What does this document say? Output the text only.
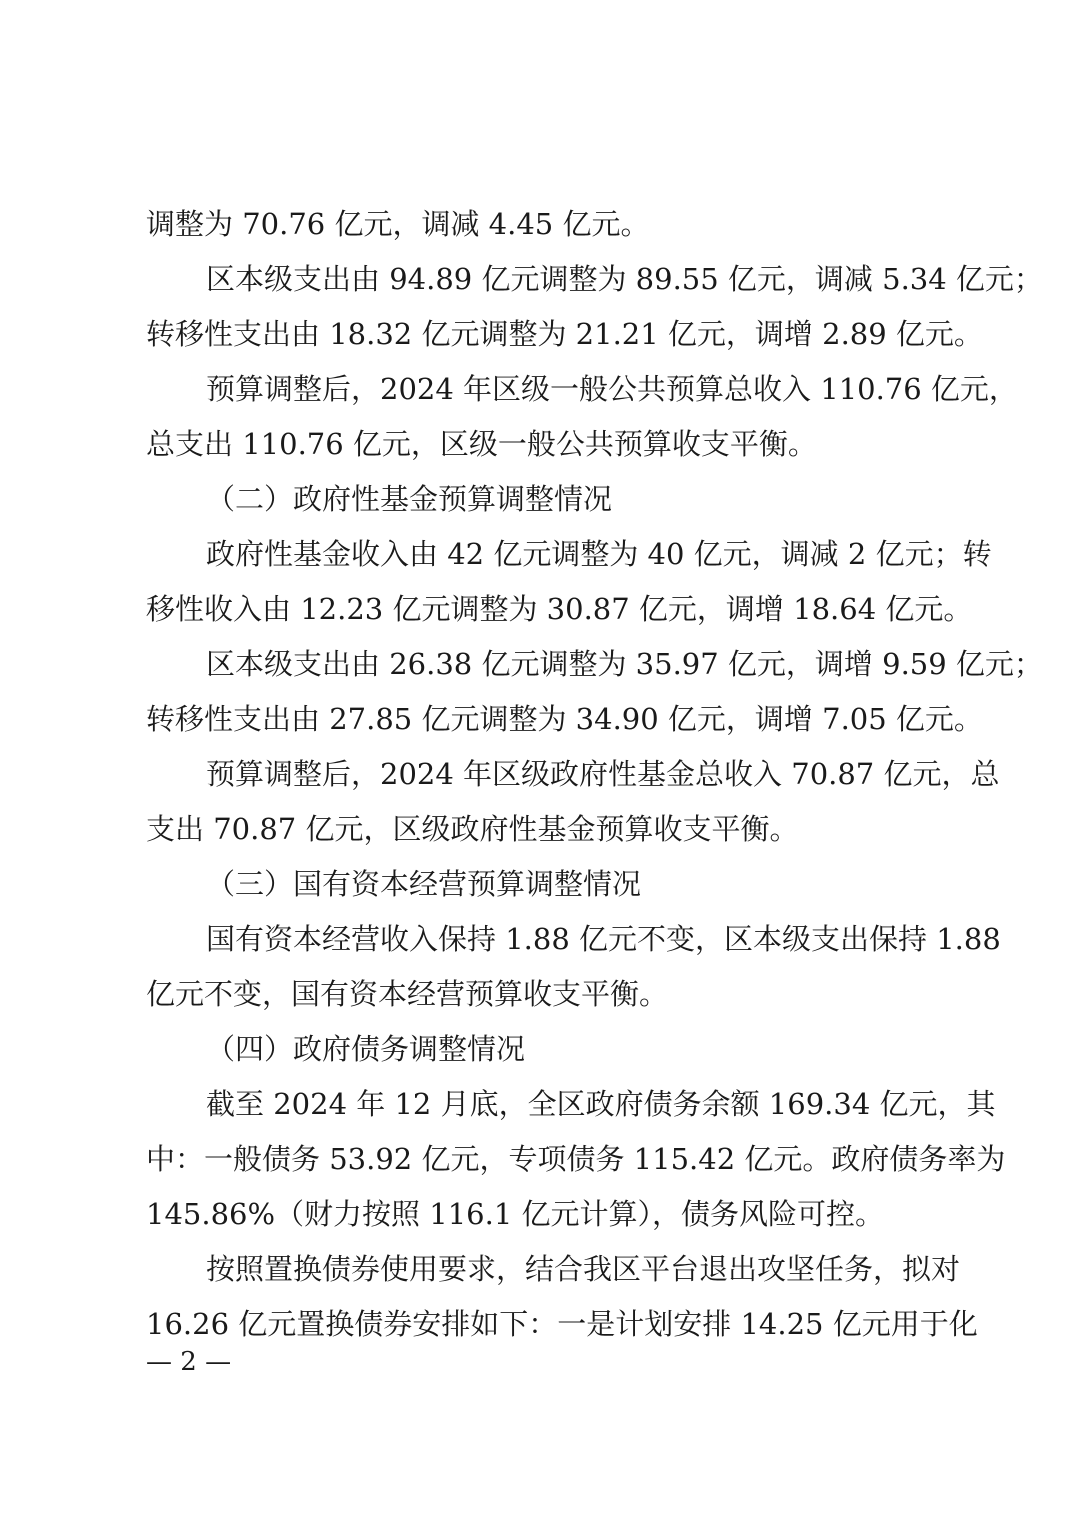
调整为 70.76 亿元，调减 4.45 亿元。
区本级支出由 94.89 亿元调整为 89.55 亿元，调减 5.34 亿元；
转移性支出由 18.32 亿元调整为 21.21 亿元，调增 2.89 亿元。
预算调整后，2024 年区级一般公共预算总收入 110.76 亿元，
总支出 110.76 亿元，区级一般公共预算收支平衡。
（二）政府性基金预算调整情况
政府性基金收入由 42 亿元调整为 40 亿元，调减 2 亿元；转
移性收入由 12.23 亿元调整为 30.87 亿元，调增 18.64 亿元。
区本级支出由 26.38 亿元调整为 35.97 亿元，调增 9.59 亿元；
转移性支出由 27.85 亿元调整为 34.90 亿元，调增 7.05 亿元。
预算调整后，2024 年区级政府性基金总收入 70.87 亿元，总
支出 70.87 亿元，区级政府性基金预算收支平衡。
（三）国有资本经营预算调整情况
国有资本经营收入保持 1.88 亿元不变，区本级支出保持 1.88
亿元不变，国有资本经营预算收支平衡。
（四）政府债务调整情况
截至 2024 年 12 月底，全区政府债务余额 169.34 亿元，其
中：一般债务 53.92 亿元，专项债务 115.42 亿元。政府债务率为
145.86%（财力按照 116.1 亿元计算），债务风险可控。
按照置换债券使用要求，结合我区平台退出攻坚任务，拟对
16.26 亿元置换债券安排如下：一是计划安排 14.25 亿元用于化
— 2 —
